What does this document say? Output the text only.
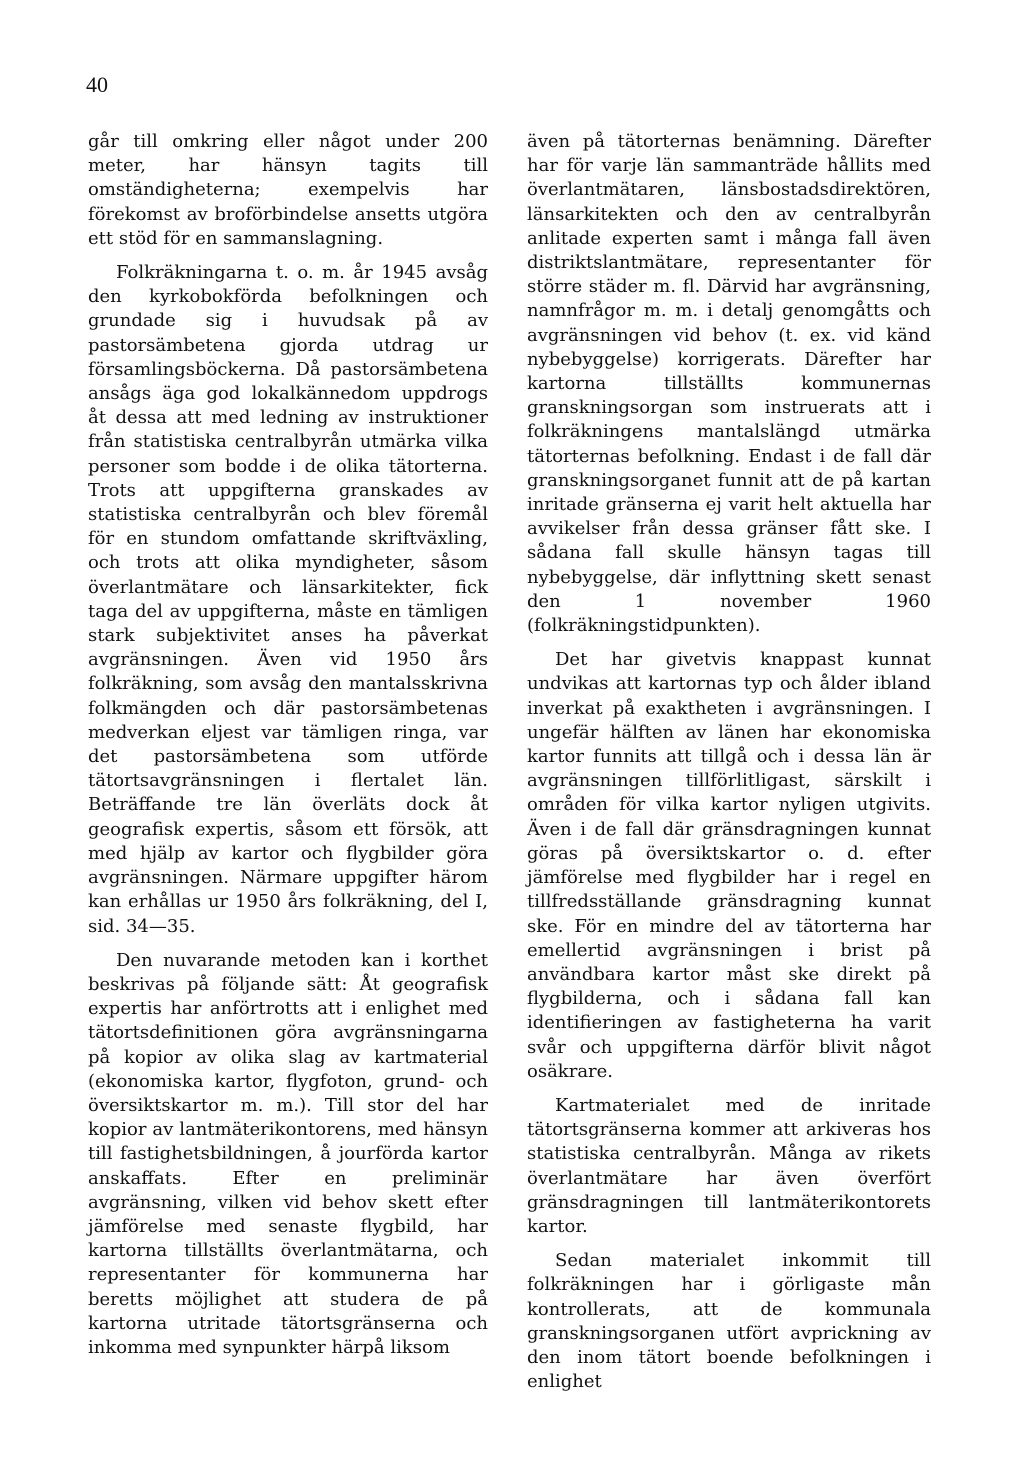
40

går till omkring eller något under 200 meter, har hänsyn tagits till omständigheterna; exempelvis har förekomst av broförbindelse ansetts utgöra ett stöd för en sammanslagning.

Folkräkningarna t. o. m. år 1945 avsåg den kyrkobokförda befolkningen och grundade sig i huvudsak på av pastorsämbetena gjorda utdrag ur församlingsböckerna. Då pastorsämbetena ansågs äga god lokalkännedom uppdrogs åt dessa att med ledning av instruktioner från statistiska centralbyrån utmärka vilka personer som bodde i de olika tätorterna. Trots att uppgifterna granskades av statistiska centralbyrån och blev föremål för en stundom omfattande skriftväxling, och trots att olika myndigheter, såsom överlantmätare och länsarkitekter, fick taga del av uppgifterna, måste en tämligen stark subjektivitet anses ha påverkat avgränsningen. Även vid 1950 års folkräkning, som avsåg den mantalsskrivna folkmängden och där pastorsämbetenas medverkan eljest var tämligen ringa, var det pastorsämbetena som utförde tätortsavgränsningen i flertalet län. Beträffande tre län överläts dock åt geografisk expertis, såsom ett försök, att med hjälp av kartor och flygbilder göra avgränsningen. Närmare uppgifter härom kan erhållas ur 1950 års folkräkning, del I, sid. 34—35.

Den nuvarande metoden kan i korthet beskrivas på följande sätt: Åt geografisk expertis har anförtrotts att i enlighet med tätortsdefinitionen göra avgränsningarna på kopior av olika slag av kartmaterial (ekonomiska kartor, flygfoton, grund- och översiktskartor m. m.). Till stor del har kopior av lantmäterikontorens, med hänsyn till fastighetsbildningen, å jourförda kartor anskaffats. Efter en preliminär avgränsning, vilken vid behov skett efter jämförelse med senaste flygbild, har kartorna tillställts överlantmätarna, och representanter för kommunerna har beretts möjlighet att studera de på kartorna utritade tätortsgränserna och inkomma med synpunkter härpå liksom

även på tätorternas benämning. Därefter har för varje län sammanträde hållits med överlantmätaren, länsbostadsdirektören, länsarkitekten och den av centralbyrån anlitade experten samt i många fall även distriktslantmätare, representanter för större städer m. fl. Därvid har avgränsning, namnfrågor m. m. i detalj genomgåtts och avgränsningen vid behov (t. ex. vid känd nybebyggelse) korrigerats. Därefter har kartorna tillställts kommunernas granskningsorgan som instruerats att i folkräkningens mantalslängd utmärka tätorternas befolkning. Endast i de fall där granskningsorganet funnit att de på kartan inritade gränserna ej varit helt aktuella har avvikelser från dessa gränser fått ske. I sådana fall skulle hänsyn tagas till nybebyggelse, där inflyttning skett senast den 1 november 1960 (folkräkningstidpunkten).

Det har givetvis knappast kunnat undvikas att kartornas typ och ålder ibland inverkat på exaktheten i avgränsningen. I ungefär hälften av länen har ekonomiska kartor funnits att tillgå och i dessa län är avgränsningen tillförlitligast, särskilt i områden för vilka kartor nyligen utgivits. Även i de fall där gränsdragningen kunnat göras på översiktskartor o. d. efter jämförelse med flygbilder har i regel en tillfredsställande gränsdragning kunnat ske. För en mindre del av tätorterna har emellertid avgränsningen i brist på användbara kartor måst ske direkt på flygbilderna, och i sådana fall kan identifieringen av fastigheterna ha varit svår och uppgifterna därför blivit något osäkrare.

Kartmaterialet med de inritade tätortsgränserna kommer att arkiveras hos statistiska centralbyrån. Många av rikets överlantmätare har även överfört gränsdragningen till lantmäterikontorets kartor.

Sedan materialet inkommit till folkräkningen har i görligaste mån kontrollerats, att de kommunala granskningsorganen utfört avprickning av den inom tätort boende befolkningen i enlighet
